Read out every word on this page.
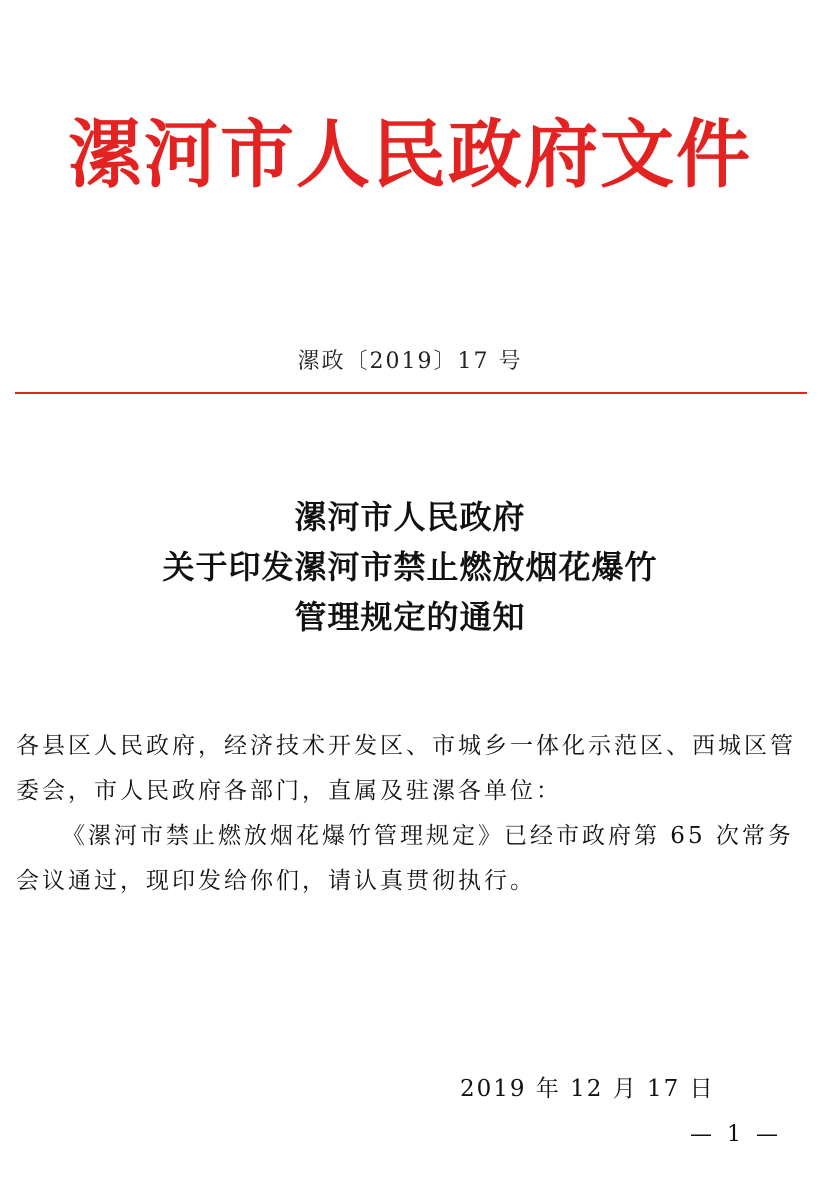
漯河市人民政府文件
漯政〔2019〕17 号
漯河市人民政府
关于印发漯河市禁止燃放烟花爆竹
管理规定的通知
各县区人民政府，经济技术开发区、市城乡一体化示范区、西城区管委会，市人民政府各部门，直属及驻漯各单位：
《漯河市禁止燃放烟花爆竹管理规定》已经市政府第 65 次常务会议通过，现印发给你们，请认真贯彻执行。
2019 年 12 月 17 日
— 1 —
